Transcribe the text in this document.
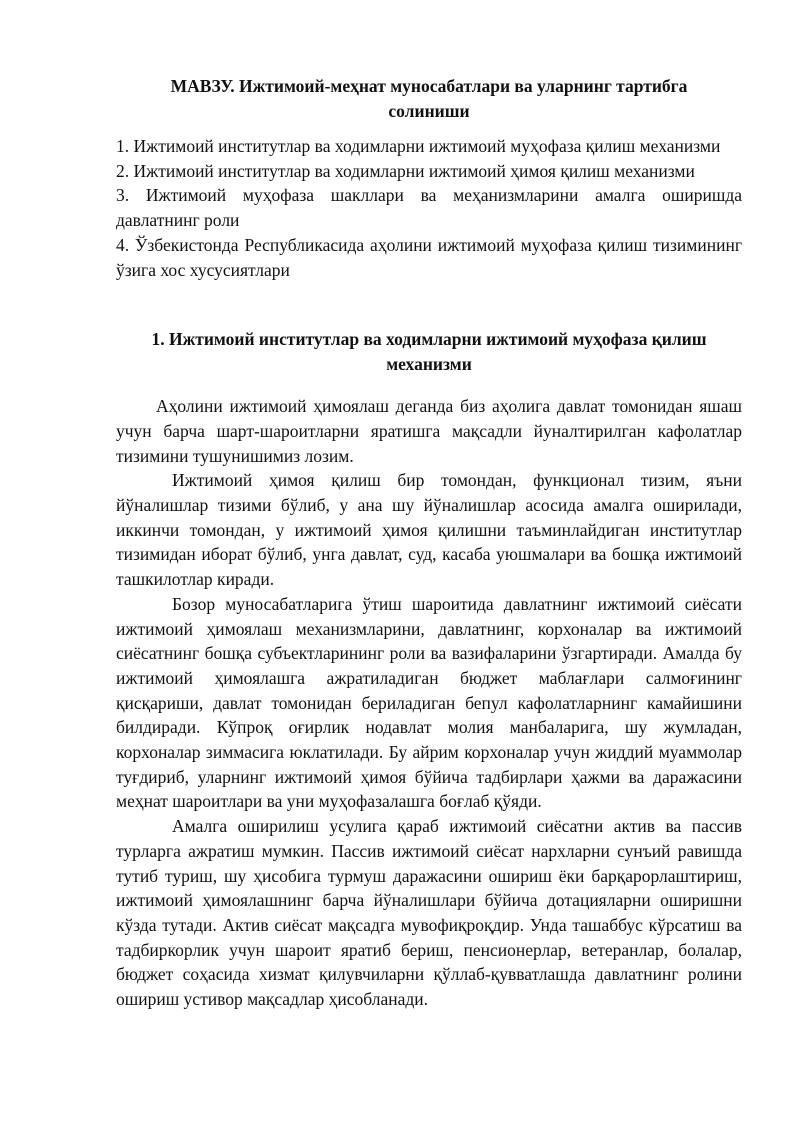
МАВЗУ. Ижтимоий-меҳнат муносабатлари ва уларнинг тартибга солиниши
1. Ижтимоий институтлар ва ходимларни ижтимоий муҳофаза қилиш механизми
2. Ижтимоий институтлар ва ходимларни ижтимоий ҳимоя қилиш механизми
3. Ижтимоий муҳофаза шакллари ва меҳанизмларини амалга оширишда давлатнинг роли
4. Ўзбекистонда Республикасида аҳолини ижтимоий муҳофаза қилиш тизимининг ўзига хос хусусиятлари
1. Ижтимоий институтлар ва ходимларни ижтимоий муҳофаза қилиш механизми

Аҳолини ижтимоий ҳимоялаш деганда биз аҳолига давлат томонидан яшаш учун барча шарт-шароитларни яратишга мақсадли йуналтирилган кафолатлар тизимини тушунишимиз лозим.

Ижтимоий ҳимоя қилиш бир томондан, функционал тизим, яъни йўналишлар тизими бўлиб, у ана шу йўналишлар асосида амалга оширилади, иккинчи томондан, у ижтимоий ҳимоя қилишни таъминлайдиган институтлар тизимидан иборат бўлиб, унга давлат, суд, касаба уюшмалари ва бошқа ижтимоий ташкилотлар киради.

Бозор муносабатларига ўтиш шароитида давлатнинг ижтимоий сиёсати ижтимоий ҳимоялаш механизмларини, давлатнинг, корхоналар ва ижтимоий сиёсатнинг бошқа субъектларининг роли ва вазифаларини ўзгартиради. Амалда бу ижтимоий ҳимоялашга ажратиладиган бюджет маблағлари салмоғининг қисқариши, давлат томонидан бериладиган бепул кафолатларнинг камайишини билдиради. Кўпроқ оғирлик нодавлат молия манбаларига, шу жумладан, корхоналар зиммасига юклатилади. Бу айрим корхоналар учун жиддий муаммолар туғдириб, уларнинг ижтимоий ҳимоя бўйича тадбирлари ҳажми ва даражасини меҳнат шароитлари ва уни муҳофазалашга боғлаб қўяди.

Амалга оширилиш усулига қараб ижтимоий сиёсатни актив ва пассив турларга ажратиш мумкин. Пассив ижтимоий сиёсат нархларни сунъий равишда тутиб туриш, шу ҳисобига турмуш даражасини ошириш ёки барқарорлаштириш, ижтимоий ҳимоялашнинг барча йўналишлари бўйича дотацияларни оширишни кўзда тутади. Актив сиёсат мақсадга мувофиқроқдир. Унда ташаббус кўрсатиш ва тадбиркорлик учун шароит яратиб бериш, пенсионерлар, ветеранлар, болалар, бюджет соҳасида хизмат қилувчиларни қўллаб-қувватлашда давлатнинг ролини ошириш устивор мақсадлар ҳисобланади.
